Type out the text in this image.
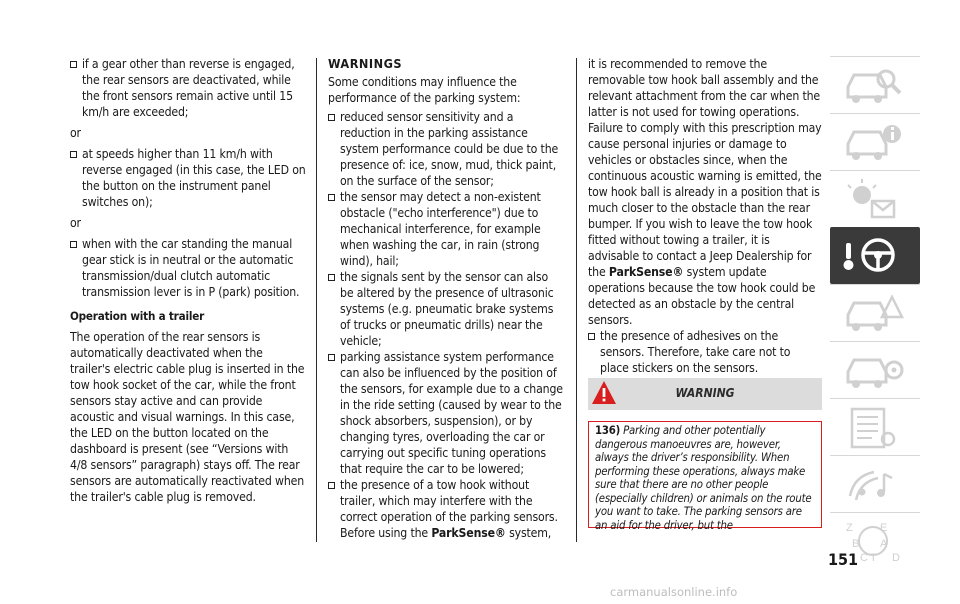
if a gear other than reverse is engaged, the rear sensors are deactivated, while the front sensors remain active until 15 km/h are exceeded;

or

at speeds higher than 11 km/h with reverse engaged (in this case, the LED on the button on the instrument panel switches on);

or

when with the car standing the manual gear stick is in neutral or the automatic transmission/dual clutch automatic transmission lever is in P (park) position.

Operation with a trailer

The operation of the rear sensors is automatically deactivated when the trailer's electric cable plug is inserted in the tow hook socket of the car, while the front sensors stay active and can provide acoustic and visual warnings. In this case, the LED on the button located on the dashboard is present (see “Versions with 4/8 sensors” paragraph) stays off. The rear sensors are automatically reactivated when the trailer's cable plug is removed.

WARNINGS

Some conditions may influence the performance of the parking system:

reduced sensor sensitivity and a reduction in the parking assistance system performance could be due to the presence of: ice, snow, mud, thick paint, on the surface of the sensor;

the sensor may detect a non-existent obstacle ("echo interference") due to mechanical interference, for example when washing the car, in rain (strong wind), hail;

the signals sent by the sensor can also be altered by the presence of ultrasonic systems (e.g. pneumatic brake systems of trucks or pneumatic drills) near the vehicle;

parking assistance system performance can also be influenced by the position of the sensors, for example due to a change in the ride setting (caused by wear to the shock absorbers, suspension), or by changing tyres, overloading the car or carrying out specific tuning operations that require the car to be lowered;

the presence of a tow hook without trailer, which may interfere with the correct operation of the parking sensors. Before using the ParkSense® system,

it is recommended to remove the removable tow hook ball assembly and the relevant attachment from the car when the latter is not used for towing operations. Failure to comply with this prescription may cause personal injuries or damage to vehicles or obstacles since, when the continuous acoustic warning is emitted, the tow hook ball is already in a position that is much closer to the obstacle than the rear bumper. If you wish to leave the tow hook fitted without towing a trailer, it is advisable to contact a Jeep Dealership for the ParkSense® system update operations because the tow hook could be detected as an obstacle by the central sensors.

the presence of adhesives on the sensors. Therefore, take care not to place stickers on the sensors.

WARNING
136) Parking and other potentially dangerous manoeuvres are, however, always the driver’s responsibility. When performing these operations, always make sure that there are no other people (especially children) or animals on the route you want to take. The parking sensors are an aid for the driver, but the	Z E
B A
C T D
151
carmanualsonline.info
